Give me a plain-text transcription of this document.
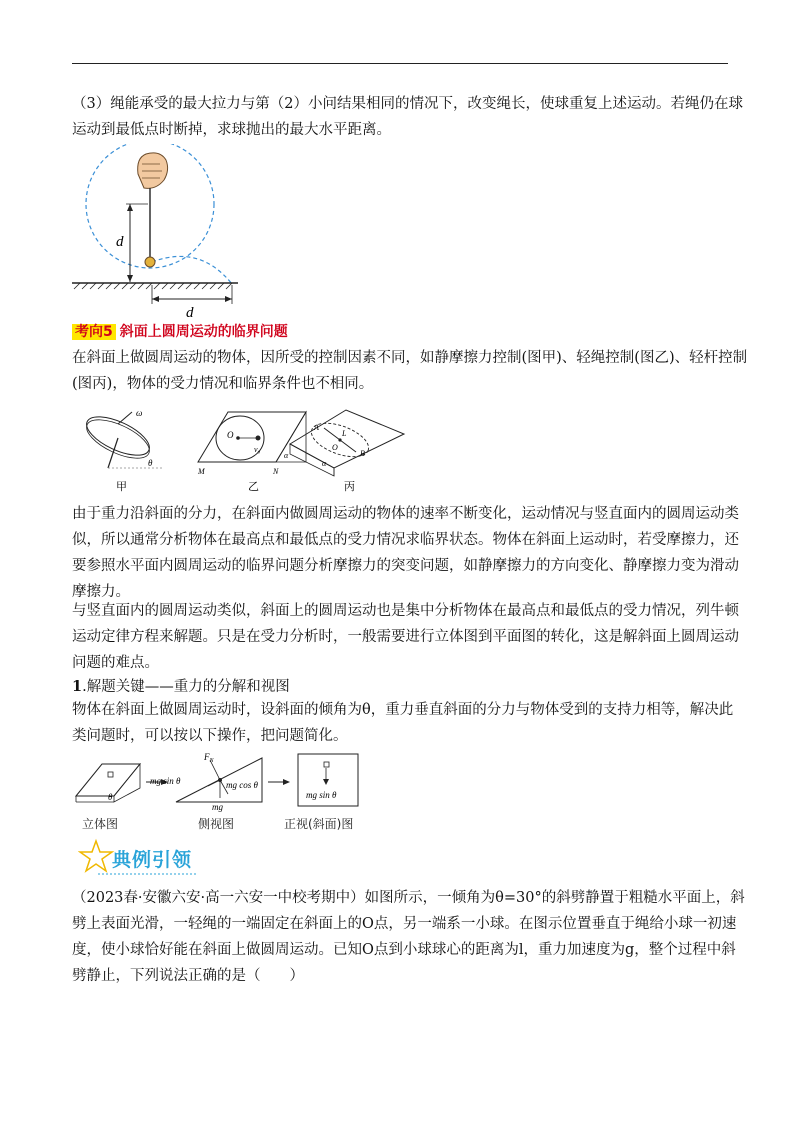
（3）绳能承受的最大拉力与第（2）小问结果相同的情况下，改变绳长，使球重复上述运动。若绳仍在球
运动到最低点时断掉，求球抛出的最大水平距离。
d
d
考向5 斜面上圆周运动的临界问题
在斜面上做圆周运动的物体，因所受的控制因素不同，如静摩擦力控制(图甲)、轻绳控制(图乙)、轻杆控制
(图丙)，物体的受力情况和临界条件也不相同。
ω
θ
甲
O
v₀
α
M	N
乙
A
L
O
B
α
丙
由于重力沿斜面的分力，在斜面内做圆周运动的物体的速率不断变化，运动情况与竖直面内的圆周运动类
似，所以通常分析物体在最高点和最低点的受力情况求临界状态。物体在斜面上运动时，若受摩擦力，还
要参照水平面内圆周运动的临界问题分析摩擦力的突变问题，如静摩擦力的方向变化、静摩擦力变为滑动
摩擦力。
与竖直面内的圆周运动类似，斜面上的圆周运动也是集中分析物体在最高点和最低点的受力情况，列牛顿
运动定律方程来解题。只是在受力分析时，一般需要进行立体图到平面图的转化，这是解斜面上圆周运动
问题的难点。
1.解题关键——重力的分解和视图
物体在斜面上做圆周运动时，设斜面的倾角为θ，重力垂直斜面的分力与物体受到的支持力相等，解决此
类问题时，可以按以下操作，把问题简化。
θ
$F_N$
mg sin θ	mg cos θ
mg
mg sin θ
立体图	侧视图	正视(斜面)图
典例引领
（2023春·安徽六安·高一六安一中校考期中）如图所示，一倾角为θ=30°的斜劈静置于粗糙水平面上，斜
劈上表面光滑，一轻绳的一端固定在斜面上的O点，另一端系一小球。在图示位置垂直于绳给小球一初速
度，使小球恰好能在斜面上做圆周运动。已知O点到小球球心的距离为l，重力加速度为g，整个过程中斜
劈静止，下列说法正确的是（　　）
